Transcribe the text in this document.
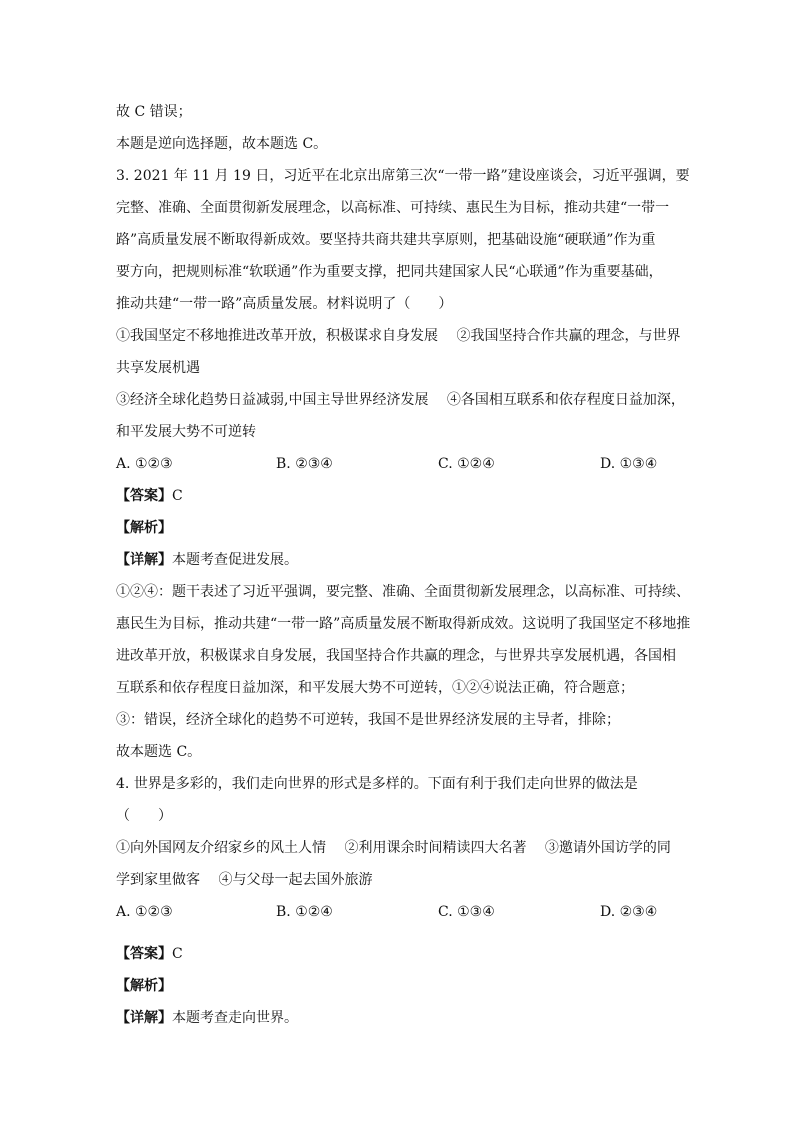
故 C 错误；
本题是逆向选择题，故本题选 C。
3. 2021 年 11 月 19 日，习近平在北京出席第三次“一带一路”建设座谈会，习近平强调，要
完整、准确、全面贯彻新发展理念，以高标准、可持续、惠民生为目标，推动共建“一带一
路”高质量发展不断取得新成效。要坚持共商共建共享原则，把基础设施“硬联通”作为重
要方向，把规则标准“软联通”作为重要支撑，把同共建国家人民“心联通”作为重要基础，
推动共建“一带一路”高质量发展。材料说明了（　　）
①我国坚定不移地推进改革开放，积极谋求自身发展　 ②我国坚持合作共赢的理念，与世界
共享发展机遇
③经济全球化趋势日益减弱,中国主导世界经济发展　 ④各国相互联系和依存程度日益加深，
和平发展大势不可逆转
A. ①②③	B. ②③④	C. ①②④	D. ①③④
【答案】C
【解析】
【详解】本题考查促进发展。
①②④：题干表述了习近平强调，要完整、准确、全面贯彻新发展理念，以高标准、可持续、
惠民生为目标，推动共建“一带一路”高质量发展不断取得新成效。这说明了我国坚定不移地推
进改革开放，积极谋求自身发展，我国坚持合作共赢的理念，与世界共享发展机遇，各国相
互联系和依存程度日益加深，和平发展大势不可逆转，①②④说法正确，符合题意；
③：错误，经济全球化的趋势不可逆转，我国不是世界经济发展的主导者，排除；
故本题选 C。
4. 世界是多彩的，我们走向世界的形式是多样的。下面有利于我们走向世界的做法是
（　　）
①向外国网友介绍家乡的风土人情　 ②利用课余时间精读四大名著　 ③邀请外国访学的同
学到家里做客　 ④与父母一起去国外旅游
A. ①②③	B. ①②④	C. ①③④	D. ②③④
【答案】C
【解析】
【详解】本题考查走向世界。
